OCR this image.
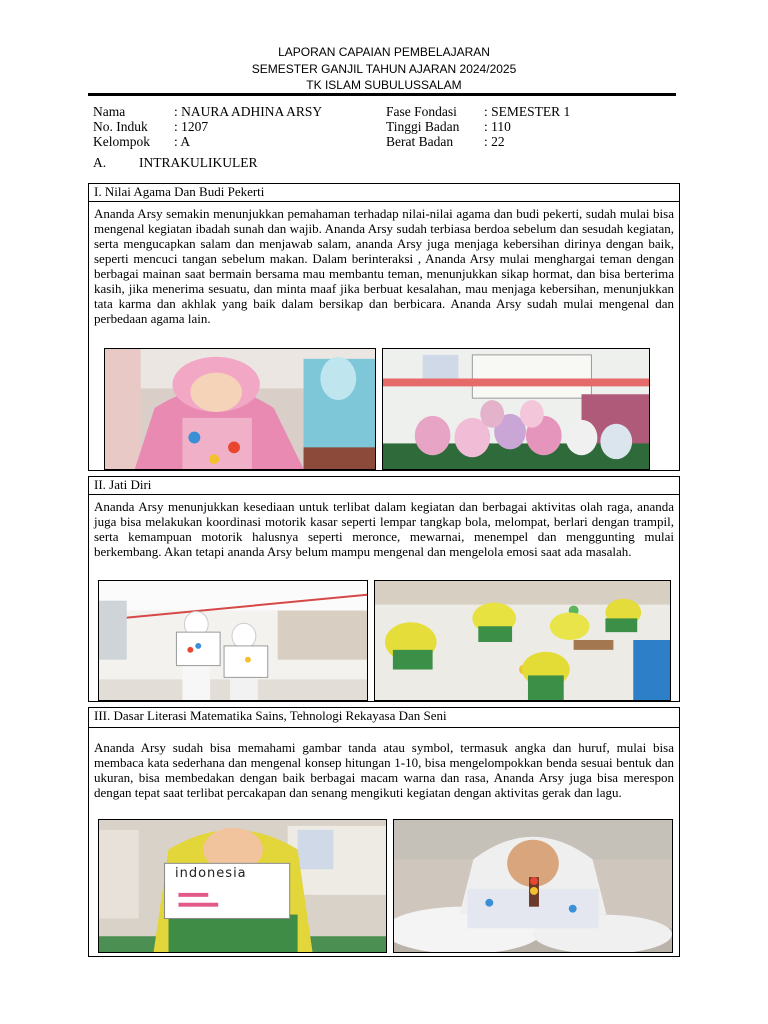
LAPORAN CAPAIAN PEMBELAJARAN
SEMESTER GANJIL TAHUN AJARAN 2024/2025
TK ISLAM SUBULUSSALAM
Nama	: NAURA ADHINA ARSY
No. Induk : 1207
Kelompok : A
Fase Fondasi : SEMESTER 1
Tinggi Badan : 110
Berat Badan : 22
A. INTRAKULIKULER
I. Nilai Agama Dan Budi Pekerti
Ananda Arsy semakin menunjukkan pemahaman terhadap nilai-nilai agama dan budi pekerti, sudah mulai bisa mengenal kegiatan ibadah sunah dan wajib. Ananda Arsy sudah terbiasa berdoa sebelum dan sesudah kegiatan, serta mengucapkan salam dan menjawab salam, ananda Arsy juga menjaga kebersihan dirinya dengan baik, seperti mencuci tangan sebelum makan. Dalam berinteraksi , Ananda Arsy mulai menghargai teman dengan berbagai mainan saat bermain bersama mau membantu teman, menunjukkan sikap hormat, dan bisa berterima kasih, jika menerima sesuatu, dan minta maaf jika berbuat kesalahan, mau menjaga kebersihan, menunjukkan tata karma dan akhlak yang baik dalam bersikap dan berbicara. Ananda Arsy sudah mulai mengenal dan perbedaan agama lain.
II. Jati Diri
Ananda Arsy menunjukkan kesediaan untuk terlibat dalam kegiatan dan berbagai aktivitas olah raga, ananda juga bisa melakukan koordinasi motorik kasar seperti lempar tangkap bola, melompat, berlari dengan trampil, serta kemampuan motorik halusnya seperti meronce, mewarnai, menempel dan menggunting mulai berkembang. Akan tetapi ananda Arsy belum mampu mengenal dan mengelola emosi saat ada masalah.
III. Dasar Literasi Matematika Sains, Tehnologi Rekayasa Dan Seni
Ananda Arsy sudah bisa memahami gambar tanda atau symbol, termasuk angka dan huruf, mulai bisa membaca kata sederhana dan mengenal konsep hitungan 1-10, bisa mengelompokkan benda sesuai bentuk dan ukuran, bisa membedakan dengan baik berbagai macam warna dan rasa, Ananda Arsy juga bisa merespon dengan tepat saat terlibat percakapan dan senang mengikuti kegiatan dengan aktivitas gerak dan lagu.
indonesia
